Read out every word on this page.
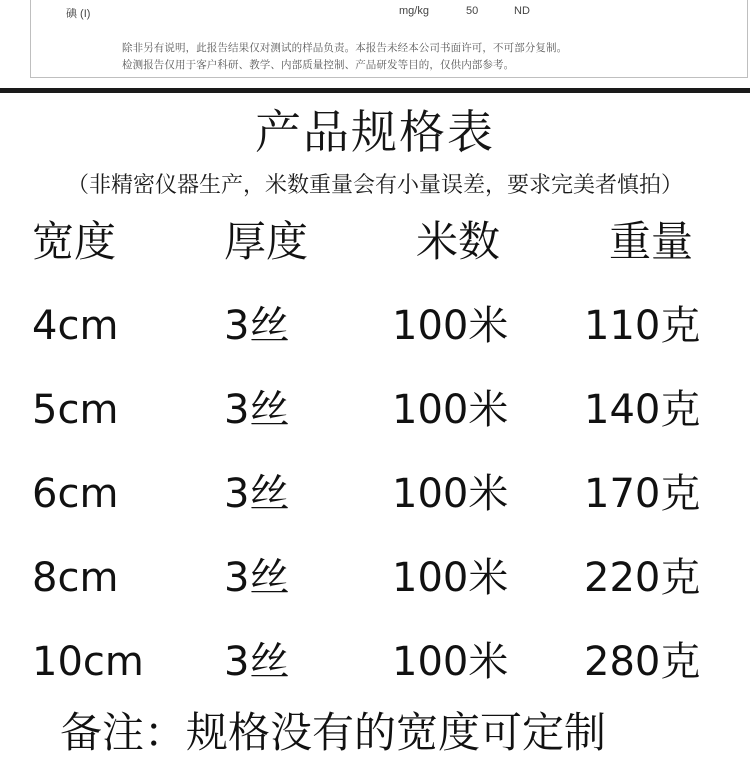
碘 (I)	mg/kg	50	ND
除非另有说明，此报告结果仅对测试的样品负责。本报告未经本公司书面许可，不可部分复制。
检测报告仅用于客户科研、教学、内部质量控制、产品研发等目的，仅供内部参考。
产品规格表
（非精密仪器生产，米数重量会有小量误差，要求完美者慎拍）
宽度	厚度	米数	重量
4cm	3丝	100米 110克
5cm	3丝	100米 140克
6cm	3丝	100米 170克
8cm	3丝	100米 220克
10cm 3丝	100米 280克
备注：规格没有的宽度可定制
